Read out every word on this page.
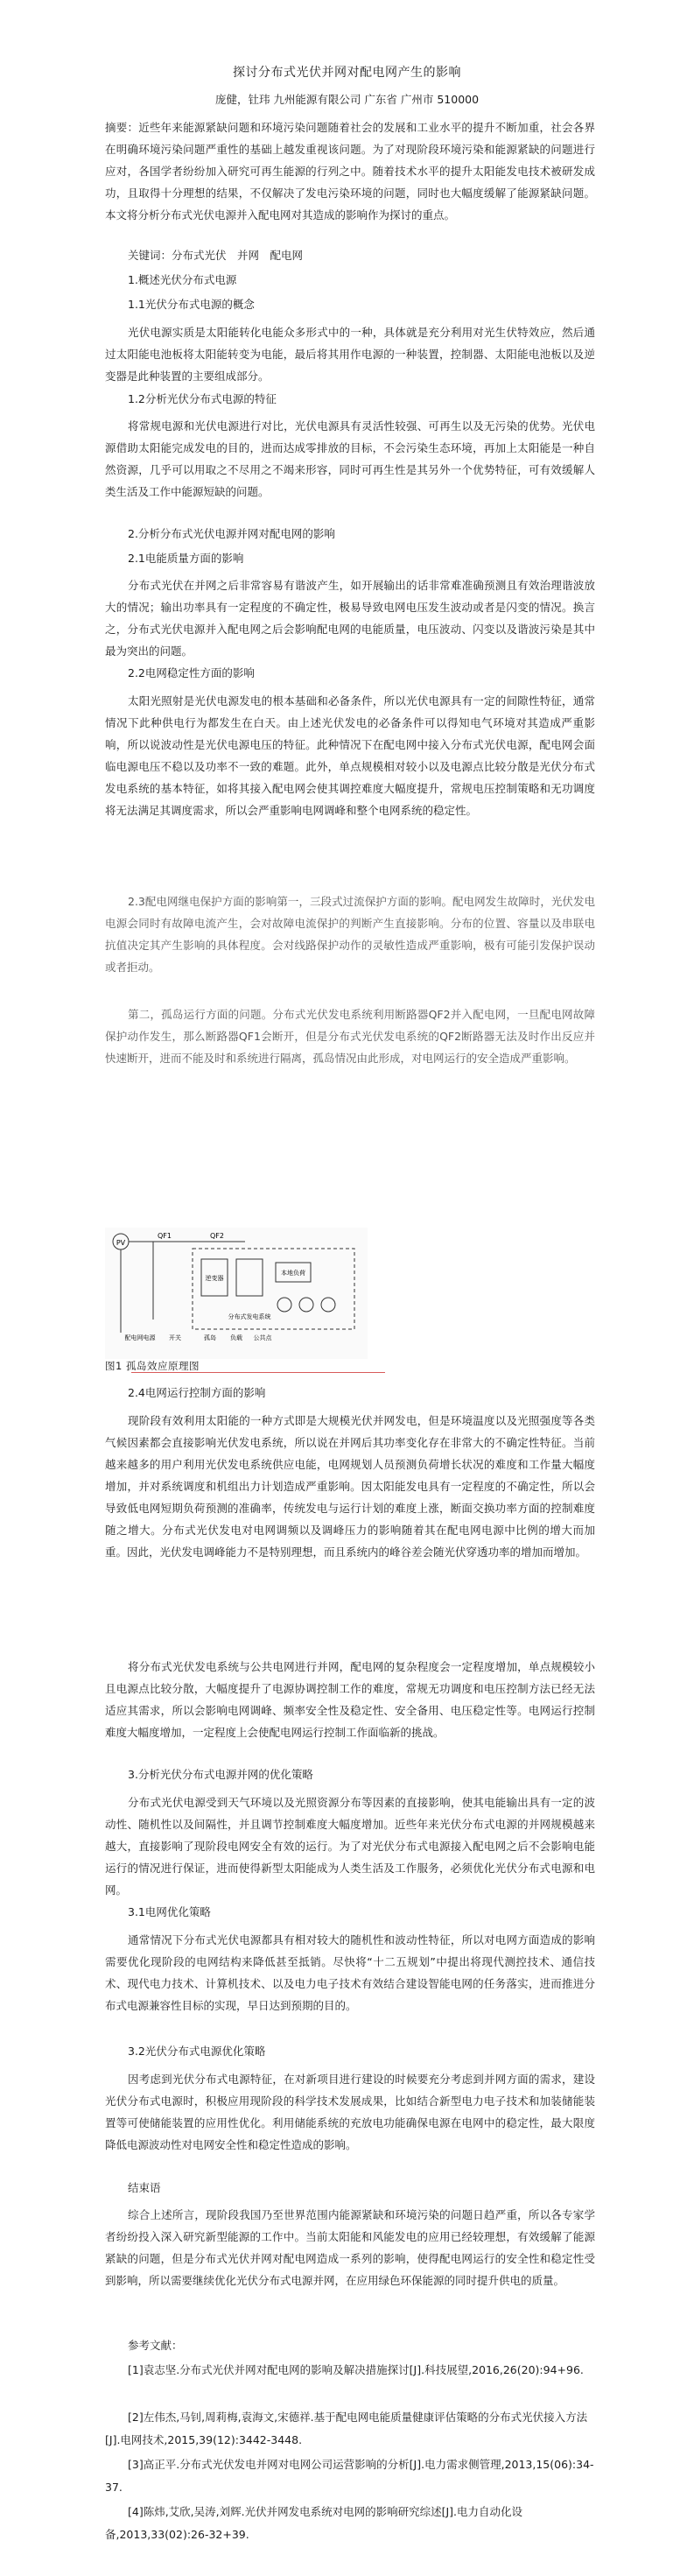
探讨分布式光伏并网对配电网产生的影响
庞健，钍玮 九州能源有限公司 广东省 广州市 510000

摘要：近些年来能源紧缺问题和环境污染问题随着社会的发展和工业水平的提升不断加重，社会各界在明确环境污染问题严重性的基础上越发重视该问题。为了对现阶段环境污染和能源紧缺的问题进行应对，各国学者纷纷加入研究可再生能源的行列之中。随着技术水平的提升太阳能发电技术被研发成功，且取得十分理想的结果，不仅解决了发电污染环境的问题，同时也大幅度缓解了能源紧缺问题。本文将分析分布式光伏电源并入配电网对其造成的影响作为探讨的重点。

关键词：分布式光伏　并网　配电网

1.概述光伏分布式电源

1.1光伏分布式电源的概念

光伏电源实质是太阳能转化电能众多形式中的一种，具体就是充分利用对光生伏特效应，然后通过太阳能电池板将太阳能转变为电能，最后将其用作电源的一种装置，控制器、太阳能电池板以及逆变器是此种装置的主要组成部分。

1.2分析光伏分布式电源的特征

将常规电源和光伏电源进行对比，光伏电源具有灵活性较强、可再生以及无污染的优势。光伏电源借助太阳能完成发电的目的，进而达成零排放的目标，不会污染生态环境，再加上太阳能是一种自然资源，几乎可以用取之不尽用之不竭来形容，同时可再生性是其另外一个优势特征，可有效缓解人类生活及工作中能源短缺的问题。

2.分析分布式光伏电源并网对配电网的影响

2.1电能质量方面的影响

分布式光伏在并网之后非常容易有谐波产生，如开展输出的话非常难准确预测且有效治理谐波放大的情况；输出功率具有一定程度的不确定性，极易导致电网电压发生波动或者是闪变的情况。换言之，分布式光伏电源并入配电网之后会影响配电网的电能质量，电压波动、闪变以及谐波污染是其中最为突出的问题。

2.2电网稳定性方面的影响

太阳光照射是光伏电源发电的根本基础和必备条件，所以光伏电源具有一定的间隙性特征，通常情况下此种供电行为都发生在白天。由上述光伏发电的必备条件可以得知电气环境对其造成严重影响，所以说波动性是光伏电源电压的特征。此种情况下在配电网中接入分布式光伏电源，配电网会面临电源电压不稳以及功率不一致的难题。此外，单点规模相对较小以及电源点比较分散是光伏分布式发电系统的基本特征，如将其接入配电网会使其调控难度大幅度提升，常规电压控制策略和无功调度将无法满足其调度需求，所以会严重影响电网调峰和整个电网系统的稳定性。

2.3配电网继电保护方面的影响第一，三段式过流保护方面的影响。配电网发生故障时，光伏发电电源会同时有故障电流产生，会对故障电流保护的判断产生直接影响。分布的位置、容量以及串联电抗值决定其产生影响的具体程度。会对线路保护动作的灵敏性造成严重影响，极有可能引发保护误动或者拒动。

第二，孤岛运行方面的问题。分布式光伏发电系统利用断路器QF2并入配电网，一旦配电网故障保护动作发生，那么断路器QF1会断开，但是分布式光伏发电系统的QF2断路器无法及时作出反应并快速断开，进而不能及时和系统进行隔离，孤岛情况由此形成，对电网运行的安全造成严重影响。

PV
QF1	QF2
本地负荷
逆变器
分布式发电系统
配电网电源 开关	孤岛 负载 公共点
图1 孤岛效应原理图

2.4电网运行控制方面的影响

现阶段有效利用太阳能的一种方式即是大规模光伏并网发电，但是环境温度以及光照强度等各类气候因素都会直接影响光伏发电系统，所以说在并网后其功率变化存在非常大的不确定性特征。当前越来越多的用户利用光伏发电系统供应电能，电网规划人员预测负荷增长状况的难度和工作量大幅度增加，并对系统调度和机组出力计划造成严重影响。因太阳能发电具有一定程度的不确定性，所以会导致低电网短期负荷预测的准确率，传统发电与运行计划的难度上涨，断面交换功率方面的控制难度随之增大。分布式光伏发电对电网调频以及调峰压力的影响随着其在配电网电源中比例的增大而加重。因此，光伏发电调峰能力不是特别理想，而且系统内的峰谷差会随光伏穿透功率的增加而增加。

将分布式光伏发电系统与公共电网进行并网，配电网的复杂程度会一定程度增加，单点规模较小且电源点比较分散，大幅度提升了电源协调控制工作的难度，常规无功调度和电压控制方法已经无法适应其需求，所以会影响电网调峰、频率安全性及稳定性、安全备用、电压稳定性等。电网运行控制难度大幅度增加，一定程度上会使配电网运行控制工作面临新的挑战。

3.分析光伏分布式电源并网的优化策略

分布式光伏电源受到天气环境以及光照资源分布等因素的直接影响，使其电能输出具有一定的波动性、随机性以及间隔性，并且调节控制难度大幅度增加。近些年来光伏分布式电源的并网规模越来越大，直接影响了现阶段电网安全有效的运行。为了对光伏分布式电源接入配电网之后不会影响电能运行的情况进行保证，进而使得新型太阳能成为人类生活及工作服务，必须优化光伏分布式电源和电网。

3.1电网优化策略

通常情况下分布式光伏电源都具有相对较大的随机性和波动性特征，所以对电网方面造成的影响需要优化现阶段的电网结构来降低甚至抵销。尽快将“十二五规划”中提出将现代测控技术、通信技术、现代电力技术、计算机技术、以及电力电子技术有效结合建设智能电网的任务落实，进而推进分布式电源兼容性目标的实现，早日达到预期的目的。

3.2光伏分布式电源优化策略

因考虑到光伏分布式电源特征，在对新项目进行建设的时候要充分考虑到并网方面的需求，建设光伏分布式电源时，积极应用现阶段的科学技术发展成果，比如结合新型电力电子技术和加装储能装置等可使储能装置的应用性优化。利用储能系统的充放电功能确保电源在电网中的稳定性，最大限度降低电源波动性对电网安全性和稳定性造成的影响。

结束语

综合上述所言，现阶段我国乃至世界范围内能源紧缺和环境污染的问题日趋严重，所以各专家学者纷纷投入深入研究新型能源的工作中。当前太阳能和风能发电的应用已经较理想，有效缓解了能源紧缺的问题，但是分布式光伏并网对配电网造成一系列的影响，使得配电网运行的安全性和稳定性受到影响，所以需要继续优化光伏分布式电源并网，在应用绿色环保能源的同时提升供电的质量。

参考文献：

[1]袁志坚.分布式光伏并网对配电网的影响及解决措施探讨[J].科技展望,2016,26(20):94+96.

[2]左伟杰,马钊,周莉梅,袁海文,宋德祥.基于配电网电能质量健康评估策略的分布式光伏接入方法[J].电网技术,2015,39(12):3442-3448.

[3]高正平.分布式光伏发电并网对电网公司运营影响的分析[J].电力需求侧管理,2013,15(06):34-37.

[4]陈炜,艾欣,吴涛,刘辉.光伏并网发电系统对电网的影响研究综述[J].电力自动化设备,2013,33(02):26-32+39.
